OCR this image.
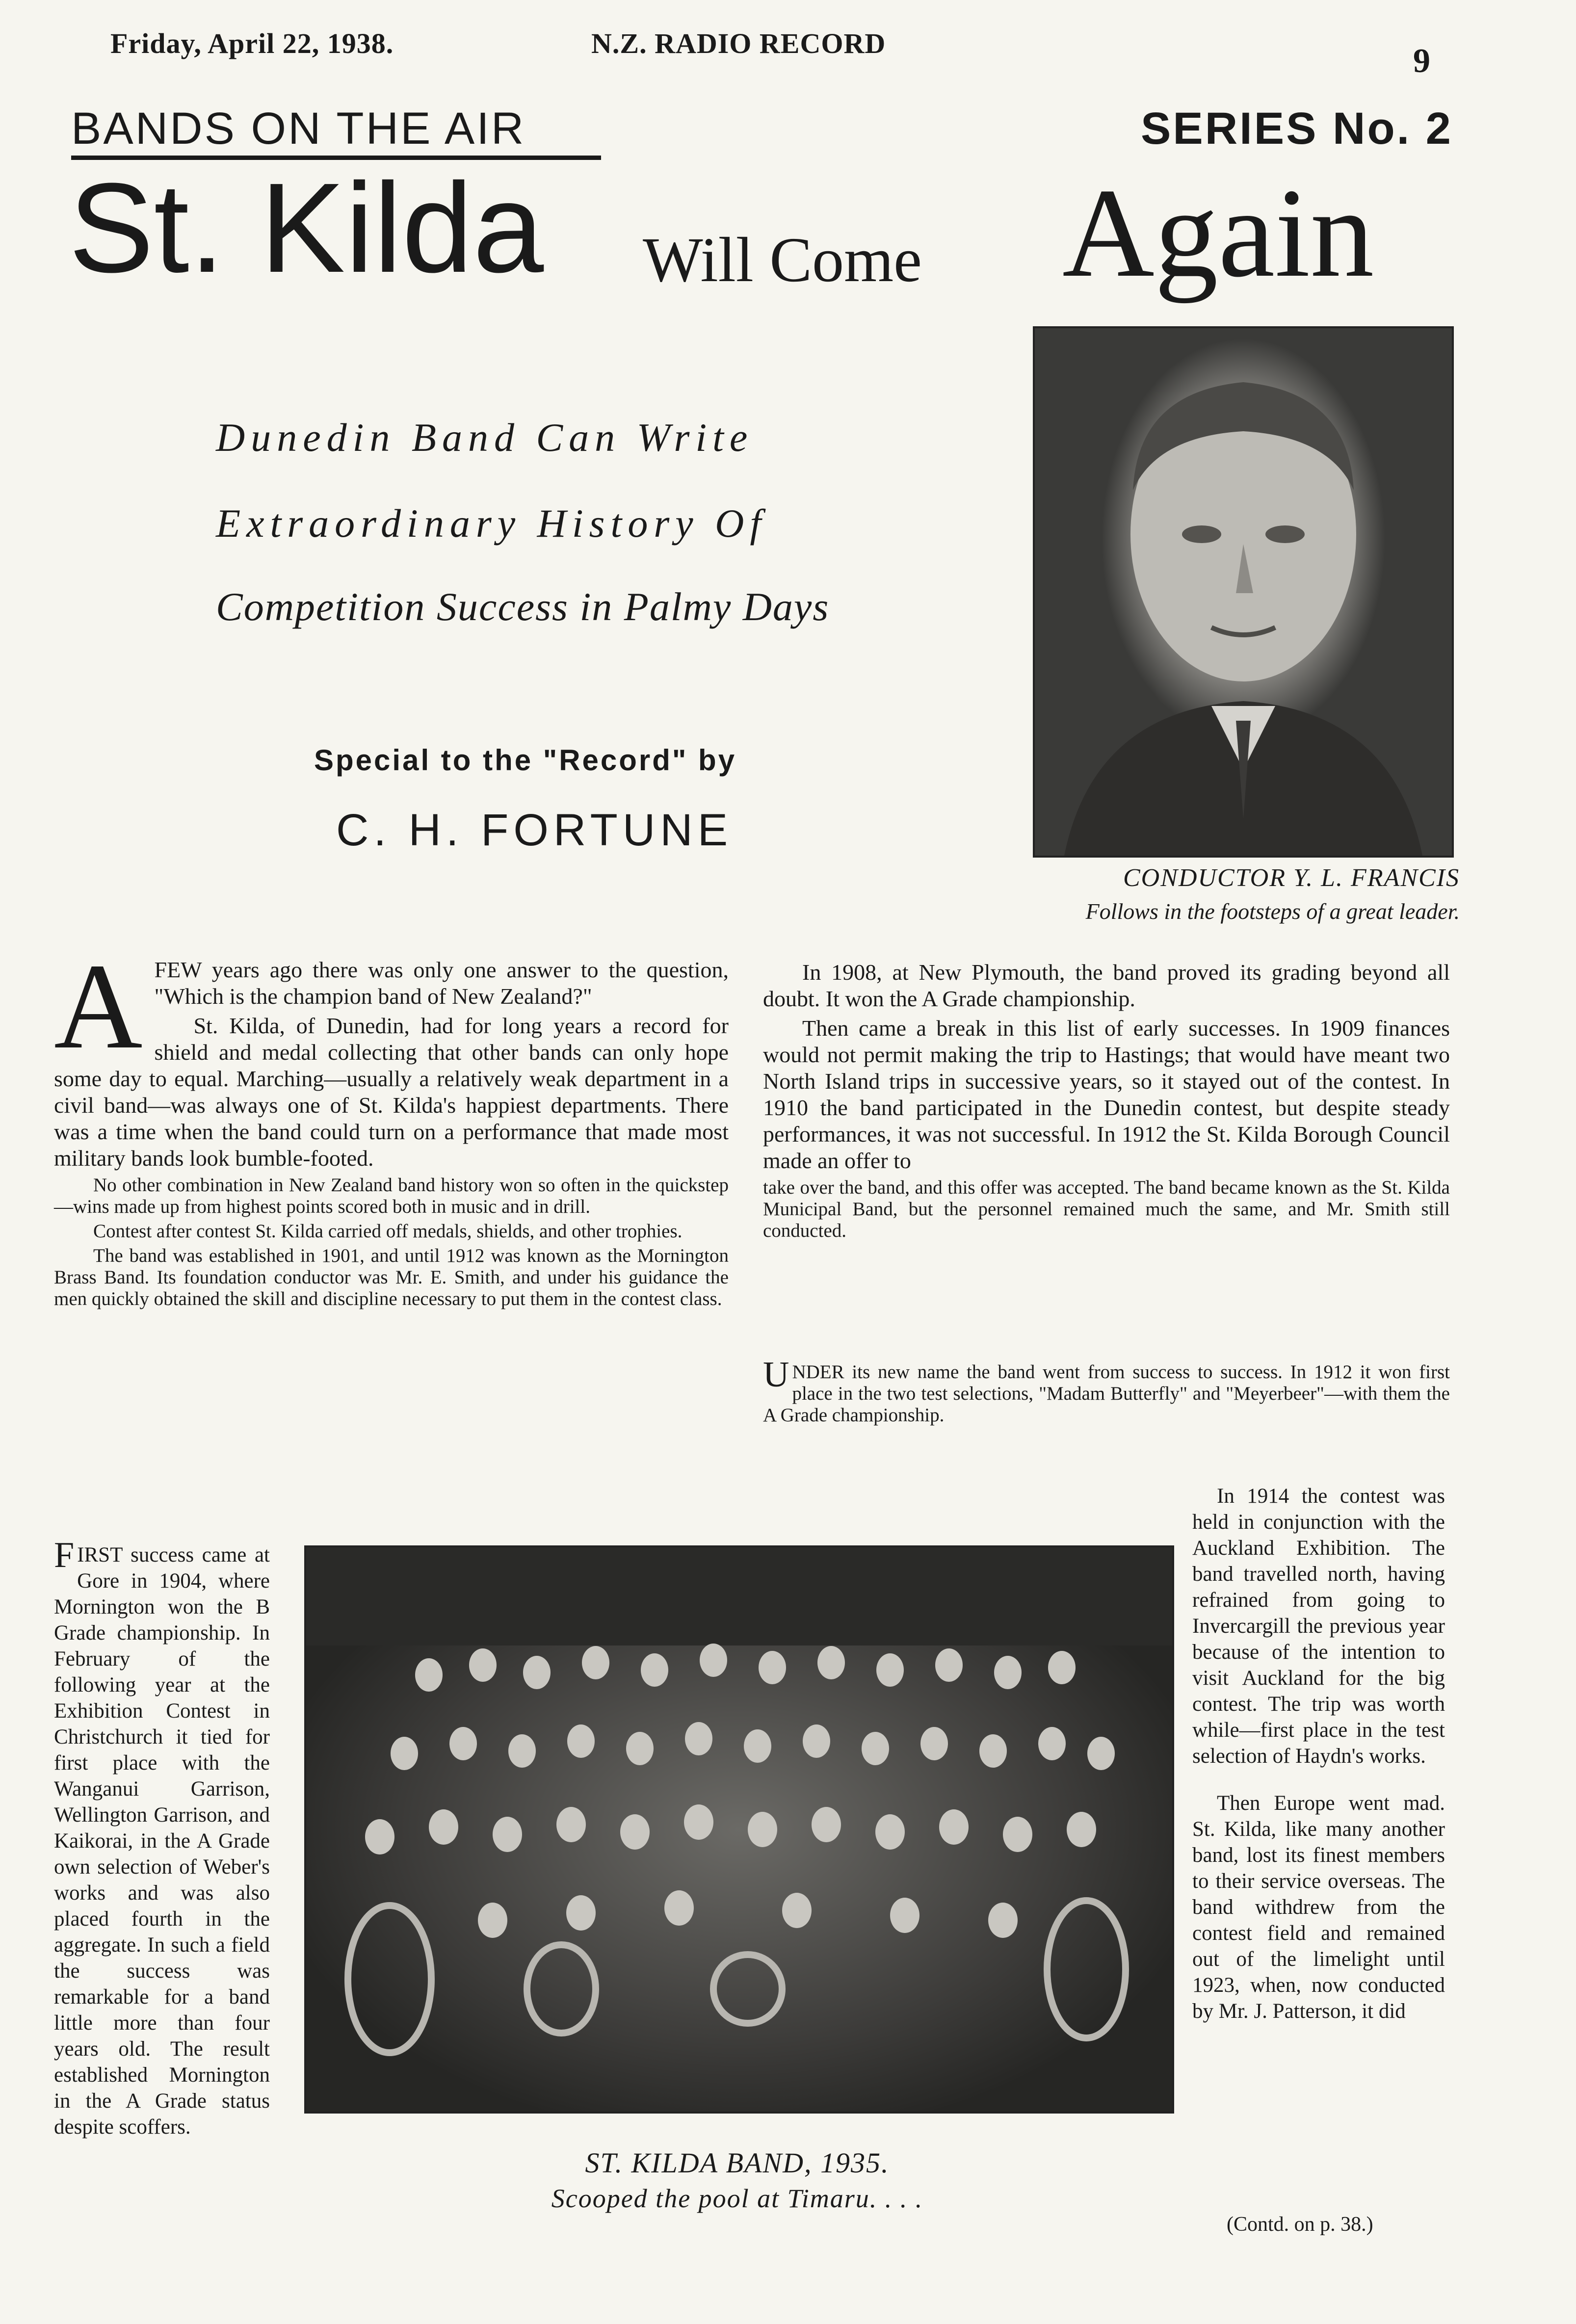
Friday, April 22, 1938.	N.Z. RADIO RECORD	9
BANDS ON THE AIR	SERIES No. 2
St. Kilda Will Come Again
Dunedin Band Can Write
Extraordinary History Of
Competition Success in Palmy Days
Special to the "Record" by
C. H. FORTUNE
CONDUCTOR Y. L. FRANCIS
Follows in the footsteps of a great leader.

AFEW years ago there was only one answer to the question, "Which is the champion band of New Zealand?"

St. Kilda, of Dunedin, had for long years a record for shield and medal collecting that other bands can only hope some day to equal. Marching—usually a relatively weak department in a civil band—was always one of St. Kilda's happiest departments. There was a time when the band could turn on a performance that made most military bands look bumble-footed.

No other combination in New Zealand band history won so often in the quickstep—wins made up from highest points scored both in music and in drill.

Contest after contest St. Kilda carried off medals, shields, and other trophies.

The band was established in 1901, and until 1912 was known as the Mornington Brass Band. Its foundation conductor was Mr. E. Smith, and under his guidance the men quickly obtained the skill and discipline necessary to put them in the contest class.

In 1908, at New Plymouth, the band proved its grading beyond all doubt. It won the A Grade championship.

Then came a break in this list of early successes. In 1909 finances would not permit making the trip to Hastings; that would have meant two North Island trips in successive years, so it stayed out of the contest. In 1910 the band participated in the Dunedin contest, but despite steady performances, it was not successful. In 1912 the St. Kilda Borough Council made an offer to

take over the band, and this offer was accepted. The band became known as the St. Kilda Municipal Band, but the personnel remained much the same, and Mr. Smith still conducted.

UNDER its new name the band went from success to success. In 1912 it won first place in the two test selections, "Madam Butterfly" and "Meyerbeer"—with them the A Grade championship.

FIRST success came at Gore in 1904, where Mornington won the B Grade championship. In February of the following year at the Exhibition Contest in Christchurch it tied for first place with the Wanganui Garrison, Wellington Garrison, and Kaikorai, in the A Grade own selection of Weber's works and was also placed fourth in the aggregate. In such a field the success was remarkable for a band little more than four years old. The result established Mornington in the A Grade status despite scoffers.

ST. KILDA BAND, 1935.
Scooped the pool at Timaru. . . .

In 1914 the contest was held in conjunction with the Auckland Exhibition. The band travelled north, having refrained from going to Invercargill the previous year because of the intention to visit Auckland for the big contest. The trip was worth while—first place in the test selection of Haydn's works.

Then Europe went mad. St. Kilda, like many another band, lost its finest members to their service overseas. The band withdrew from the contest field and remained out of the limelight until 1923, when, now conducted by Mr. J. Patterson, it did

(Contd. on p. 38.)
